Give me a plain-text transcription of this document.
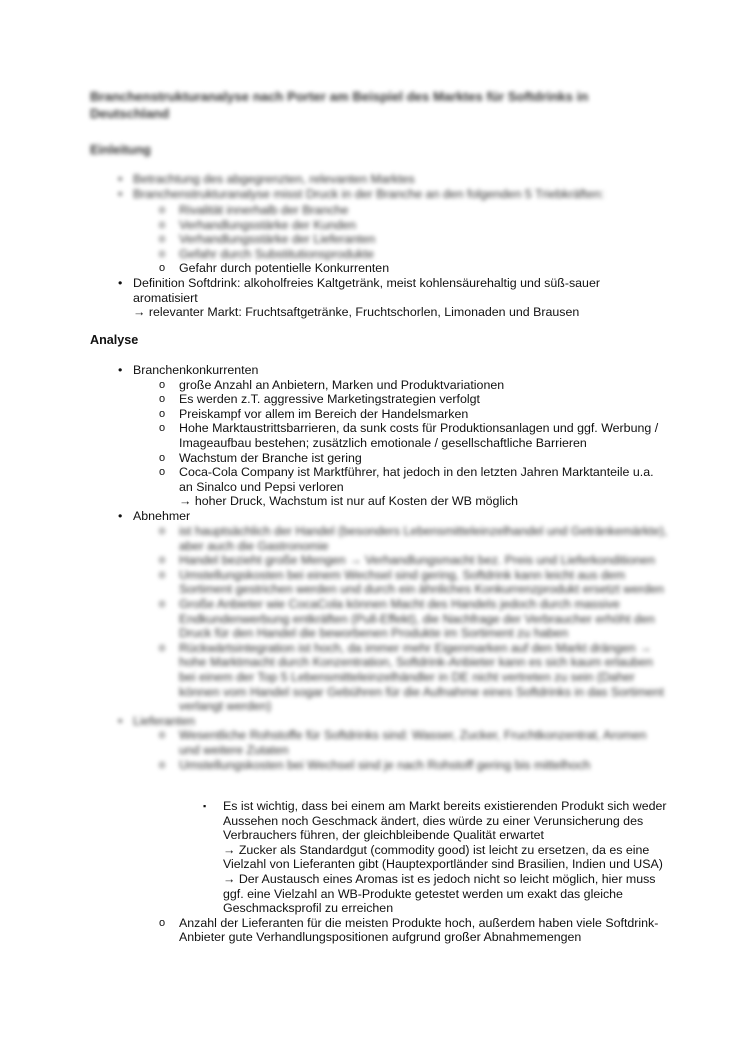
Branchenstrukturanalyse nach Porter am Beispiel des Marktes für Softdrinks in Deutschland
Einleitung
• Betrachtung des abgegrenzten, relevanten Marktes
• Branchenstrukturanalyse misst Druck in der Branche an den folgenden 5 Triebkräften:
o Rivalität innerhalb der Branche
o Verhandlungsstärke der Kunden
o Verhandlungsstärke der Lieferanten
o Gefahr durch Substitutionsprodukte
o Gefahr durch potentielle Konkurrenten
• Definition Softdrink: alkoholfreies Kaltgetränk, meist kohlensäurehaltig und süß-sauer aromatisiert
→ relevanter Markt: Fruchtsaftgetränke, Fruchtschorlen, Limonaden und Brausen
Analyse
• Branchenkonkurrenten
o große Anzahl an Anbietern, Marken und Produktvariationen
o Es werden z.T. aggressive Marketingstrategien verfolgt
o Preiskampf vor allem im Bereich der Handelsmarken
o Hohe Marktaustrittsbarrieren, da sunk costs für Produktionsanlagen und ggf. Werbung / Imageaufbau bestehen; zusätzlich emotionale / gesellschaftliche Barrieren
o Wachstum der Branche ist gering
o Coca-Cola Company ist Marktführer, hat jedoch in den letzten Jahren Marktanteile u.a. an Sinalco und Pepsi verloren
→ hoher Druck, Wachstum ist nur auf Kosten der WB möglich
• Abnehmer
o ist hauptsächlich der Handel (besonders Lebensmitteleinzelhandel und Getränkemärkte), aber auch die Gastronomie
o Handel bezieht große Mengen → Verhandlungsmacht bez. Preis und Lieferkonditionen
o Umstellungskosten bei einem Wechsel sind gering, Softdrink kann leicht aus dem Sortiment gestrichen werden und durch ein ähnliches Konkurrenzprodukt ersetzt werden
o Große Anbieter wie CocaCola können Macht des Handels jedoch durch massive Endkundenwerbung entkräften (Pull-Effekt), die Nachfrage der Verbraucher erhöht den Druck für den Handel die beworbenen Produkte im Sortiment zu haben
o Rückwärtsintegration ist hoch, da immer mehr Eigenmarken auf den Markt drängen → hohe Marktmacht durch Konzentration, Softdrink-Anbieter kann es sich kaum erlauben bei einem der Top 5 Lebensmitteleinzelhändler in DE nicht vertreten zu sein (Daher können vom Handel sogar Gebühren für die Aufnahme eines Softdrinks in das Sortiment verlangt werden)
• Lieferanten
o Wesentliche Rohstoffe für Softdrinks sind: Wasser, Zucker, Fruchtkonzentrat, Aromen und weitere Zutaten
o Umstellungskosten bei Wechsel sind je nach Rohstoff gering bis mittelhoch
▪ Es ist wichtig, dass bei einem am Markt bereits existierenden Produkt sich weder Aussehen noch Geschmack ändert, dies würde zu einer Verunsicherung des Verbrauchers führen, der gleichbleibende Qualität erwartet
→ Zucker als Standardgut (commodity good) ist leicht zu ersetzen, da es eine Vielzahl von Lieferanten gibt (Hauptexportländer sind Brasilien, Indien und USA)
→ Der Austausch eines Aromas ist es jedoch nicht so leicht möglich, hier muss ggf. eine Vielzahl an WB-Produkte getestet werden um exakt das gleiche Geschmacksprofil zu erreichen
o Anzahl der Lieferanten für die meisten Produkte hoch, außerdem haben viele Softdrink-Anbieter gute Verhandlungspositionen aufgrund großer Abnahmemengen
